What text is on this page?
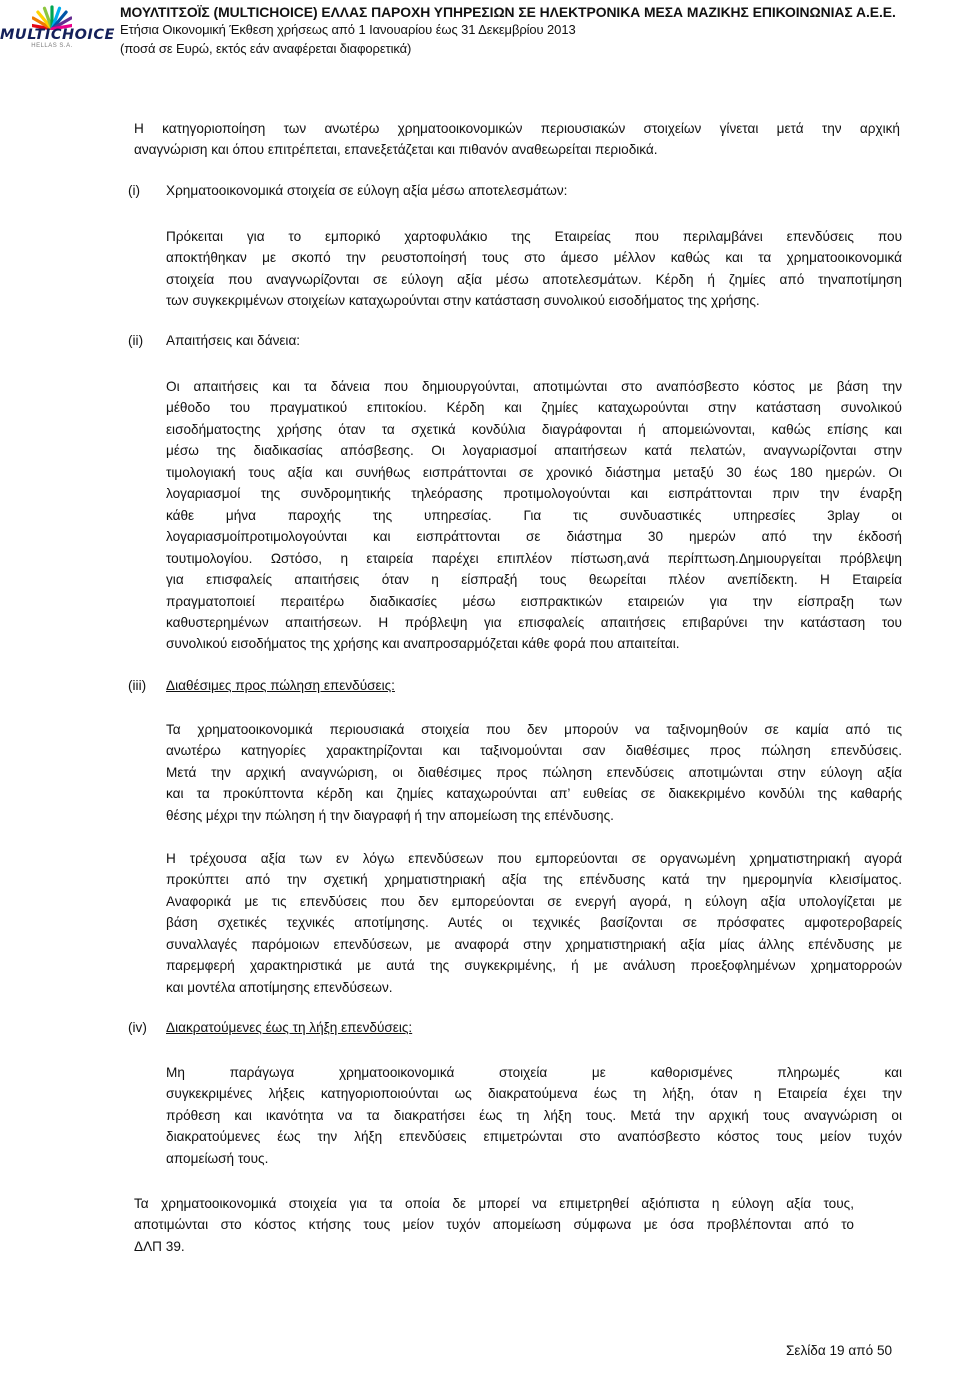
MULTICHOICE
HELLAS S.A.
ΜΟΥΛΤΙΤΣΟΪΣ (MULTICHOICE) ΕΛΛΑΣ ΠΑΡΟΧΗ ΥΠΗΡΕΣΙΩΝ ΣΕ ΗΛΕΚΤΡΟΝΙΚΑ ΜΕΣΑ ΜΑΖΙΚΗΣ ΕΠΙΚΟΙΝΩΝΙΑΣ Α.Ε.Ε.
Ετήσια Οικονομική Έκθεση χρήσεως από 1 Ιανουαρίου έως 31 Δεκεμβρίου 2013
(ποσά σε Ευρώ, εκτός εάν αναφέρεται διαφορετικά)
Η κατηγοριοποίηση των ανωτέρω χρηματοοικονομικών περιουσιακών στοιχείων γίνεται μετά την αρχική
αναγνώριση και όπου επιτρέπεται, επανεξετάζεται και πιθανόν αναθεωρείται περιοδικά.
(i) Χρηματοοικονομικά στοιχεία σε εύλογη αξία μέσω αποτελεσμάτων:
Πρόκειται για το εμπορικό χαρτοφυλάκιο της Εταιρείας που περιλαμβάνει επενδύσεις που
αποκτήθηκαν με σκοπό την ρευστοποίησή τους στο άμεσο μέλλον καθώς και τα χρηματοοικονομικά
στοιχεία που αναγνωρίζονται σε εύλογη αξία μέσω αποτελεσμάτων. Κέρδη ή ζημίες από τηναποτίμηση
των συγκεκριμένων στοιχείων καταχωρούνται στην κατάσταση συνολικού εισοδήματος της χρήσης.
(ii) Απαιτήσεις και δάνεια:
Οι απαιτήσεις και τα δάνεια που δημιουργούνται, αποτιμώνται στο αναπόσβεστο κόστος με βάση την
μέθοδο του πραγματικού επιτοκίου. Κέρδη και ζημίες καταχωρούνται στην κατάσταση συνολικού
εισοδήματοςτης χρήσης όταν τα σχετικά κονδύλια διαγράφονται ή απομειώνονται, καθώς επίσης και
μέσω της διαδικασίας απόσβεσης. Οι λογαριασμοί απαιτήσεων κατά πελατών, αναγνωρίζονται στην
τιμολογιακή τους αξία και συνήθως εισπράττονται σε χρονικό διάστημα μεταξύ 30 έως 180 ημερών. Οι
λογαριασμοί της συνδρομητικής τηλεόρασης προτιμολογούνται και εισπράττονται πριν την έναρξη
κάθε μήνα παροχής της υπηρεσίας. Για τις συνδυαστικές υπηρεσίες 3play οι
λογαριασμοίπροτιμολογούνται και εισπράττονται σε διάστημα 30 ημερών από την έκδοσή
τουτιμολογίου. Ωστόσο, η εταιρεία παρέχει επιπλέον πίστωση,ανά περίπτωση.Δημιουργείται πρόβλεψη
για επισφαλείς απαιτήσεις όταν η είσπραξή τους θεωρείται πλέον ανεπίδεκτη. Η Εταιρεία
πραγματοποιεί περαιτέρω διαδικασίες μέσω εισπρακτικών εταιρειών για την είσπραξη των
καθυστερημένων απαιτήσεων. Η πρόβλεψη για επισφαλείς απαιτήσεις επιβαρύνει την κατάσταση του
συνολικού εισοδήματος της χρήσης και αναπροσαρμόζεται κάθε φορά που απαιτείται.
(iii) Διαθέσιμες προς πώληση επενδύσεις:
Τα χρηματοοικονομικά περιουσιακά στοιχεία που δεν μπορούν να ταξινομηθούν σε καμία από τις
ανωτέρω κατηγορίες χαρακτηρίζονται και ταξινομούνται σαν διαθέσιμες προς πώληση επενδύσεις.
Μετά την αρχική αναγνώριση, οι διαθέσιμες προς πώληση επενδύσεις αποτιμώνται στην εύλογη αξία
και τα προκύπτοντα κέρδη και ζημίες καταχωρούνται απ’ ευθείας σε διακεκριμένο κονδύλι της καθαρής
θέσης μέχρι την πώληση ή την διαγραφή ή την απομείωση της επένδυσης.
Η τρέχουσα αξία των εν λόγω επενδύσεων που εμπορεύονται σε οργανωμένη χρηματιστηριακή αγορά
προκύπτει από την σχετική χρηματιστηριακή αξία της επένδυσης κατά την ημερομηνία κλεισίματος.
Αναφορικά με τις επενδύσεις που δεν εμπορεύονται σε ενεργή αγορά, η εύλογη αξία υπολογίζεται με
βάση σχετικές τεχνικές αποτίμησης. Αυτές οι τεχνικές βασίζονται σε πρόσφατες αμφοτεροβαρείς
συναλλαγές παρόμοιων επενδύσεων, με αναφορά στην χρηματιστηριακή αξία μίας άλλης επένδυσης με
παρεμφερή χαρακτηριστικά με αυτά της συγκεκριμένης, ή με ανάλυση προεξοφλημένων χρηματορροών
και μοντέλα αποτίμησης επενδύσεων.
(iv) Διακρατούμενες έως τη λήξη επενδύσεις:
Μη παράγωγα χρηματοοικονομικά στοιχεία με καθορισμένες πληρωμές και
συγκεκριμένες λήξεις κατηγοριοποιούνται ως διακρατούμενα έως τη λήξη, όταν η Εταιρεία έχει την
πρόθεση και ικανότητα να τα διακρατήσει έως τη λήξη τους. Μετά την αρχική τους αναγνώριση οι
διακρατούμενες έως την λήξη επενδύσεις επιμετρώνται στο αναπόσβεστο κόστος τους μείον τυχόν
απομείωσή τους.
Τα χρηματοοικονομικά στοιχεία για τα οποία δε μπορεί να επιμετρηθεί αξιόπιστα η εύλογη αξία τους,
αποτιμώνται στο κόστος κτήσης τους μείον τυχόν απομείωση σύμφωνα με όσα προβλέπονται από το
ΔΛΠ 39.
Σελίδα 19 από 50
